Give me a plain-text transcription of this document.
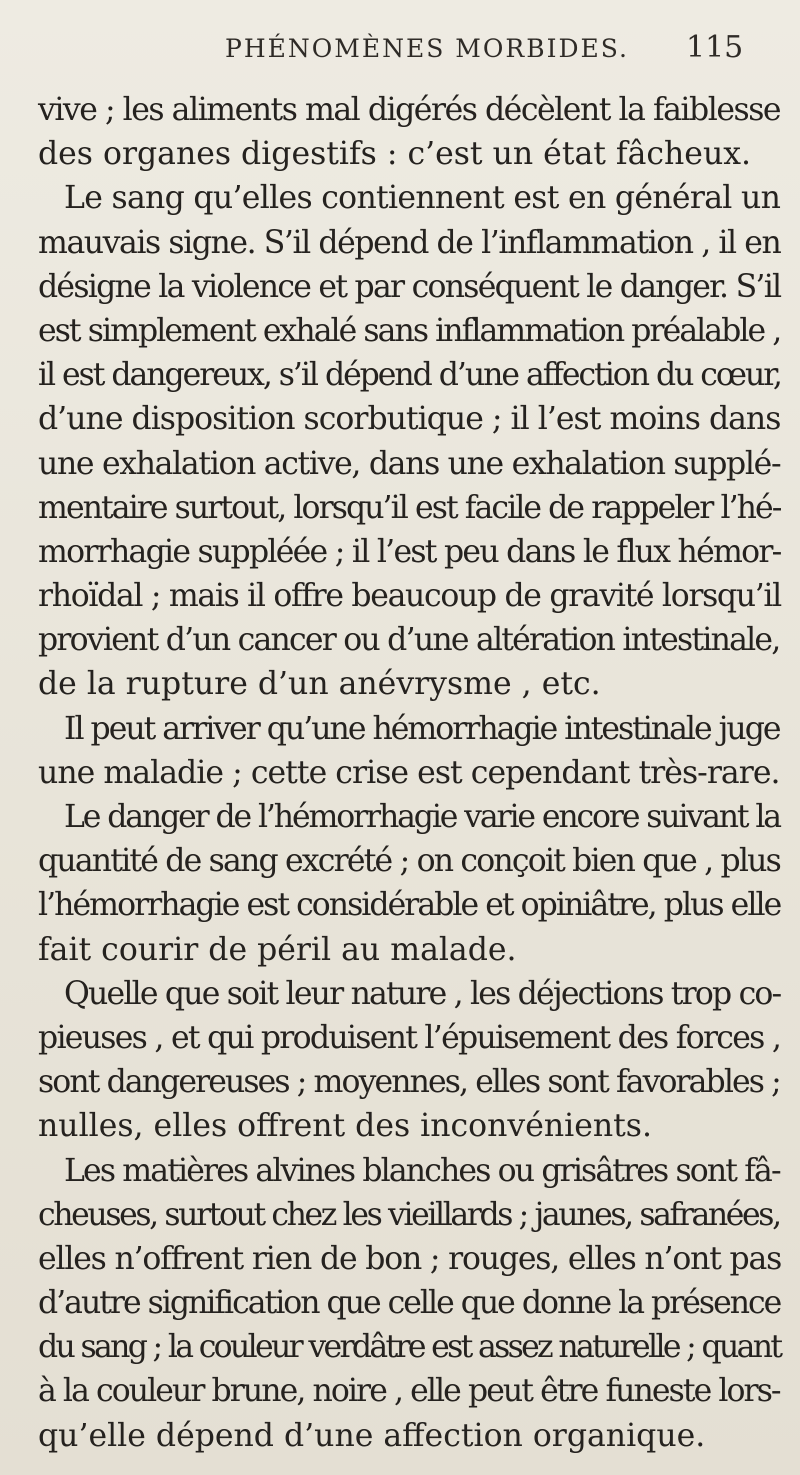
PHÉNOMÈNES MORBIDES. 115
vive ; les aliments mal digérés décèlent la faiblesse
des organes digestifs : c’est un état fâcheux.
Le sang qu’elles contiennent est en général un
mauvais signe. S’il dépend de l’inflammation , il en
désigne la violence et par conséquent le danger. S’il
est simplement exhalé sans inflammation préalable ,
il est dangereux, s’il dépend d’une affection du cœur,
d’une disposition scorbutique ; il l’est moins dans
une exhalation active, dans une exhalation supplé-
mentaire surtout, lorsqu’il est facile de rappeler l’hé-
morrhagie suppléée ; il l’est peu dans le flux hémor-
rhoïdal ; mais il offre beaucoup de gravité lorsqu’il
provient d’un cancer ou d’une altération intestinale,
de la rupture d’un anévrysme , etc.
Il peut arriver qu’une hémorrhagie intestinale juge
une maladie ; cette crise est cependant très-rare.
Le danger de l’hémorrhagie varie encore suivant la
quantité de sang excrété ; on conçoit bien que , plus
l’hémorrhagie est considérable et opiniâtre, plus elle
fait courir de péril au malade.
Quelle que soit leur nature , les déjections trop co-
pieuses , et qui produisent l’épuisement des forces ,
sont dangereuses ; moyennes, elles sont favorables ;
nulles, elles offrent des inconvénients.
Les matières alvines blanches ou grisâtres sont fâ-
cheuses, surtout chez les vieillards ; jaunes, safranées,
elles n’offrent rien de bon ; rouges, elles n’ont pas
d’autre signification que celle que donne la présence
du sang ; la couleur verdâtre est assez naturelle ; quant
à la couleur brune, noire , elle peut être funeste lors-
qu’elle dépend d’une affection organique.
